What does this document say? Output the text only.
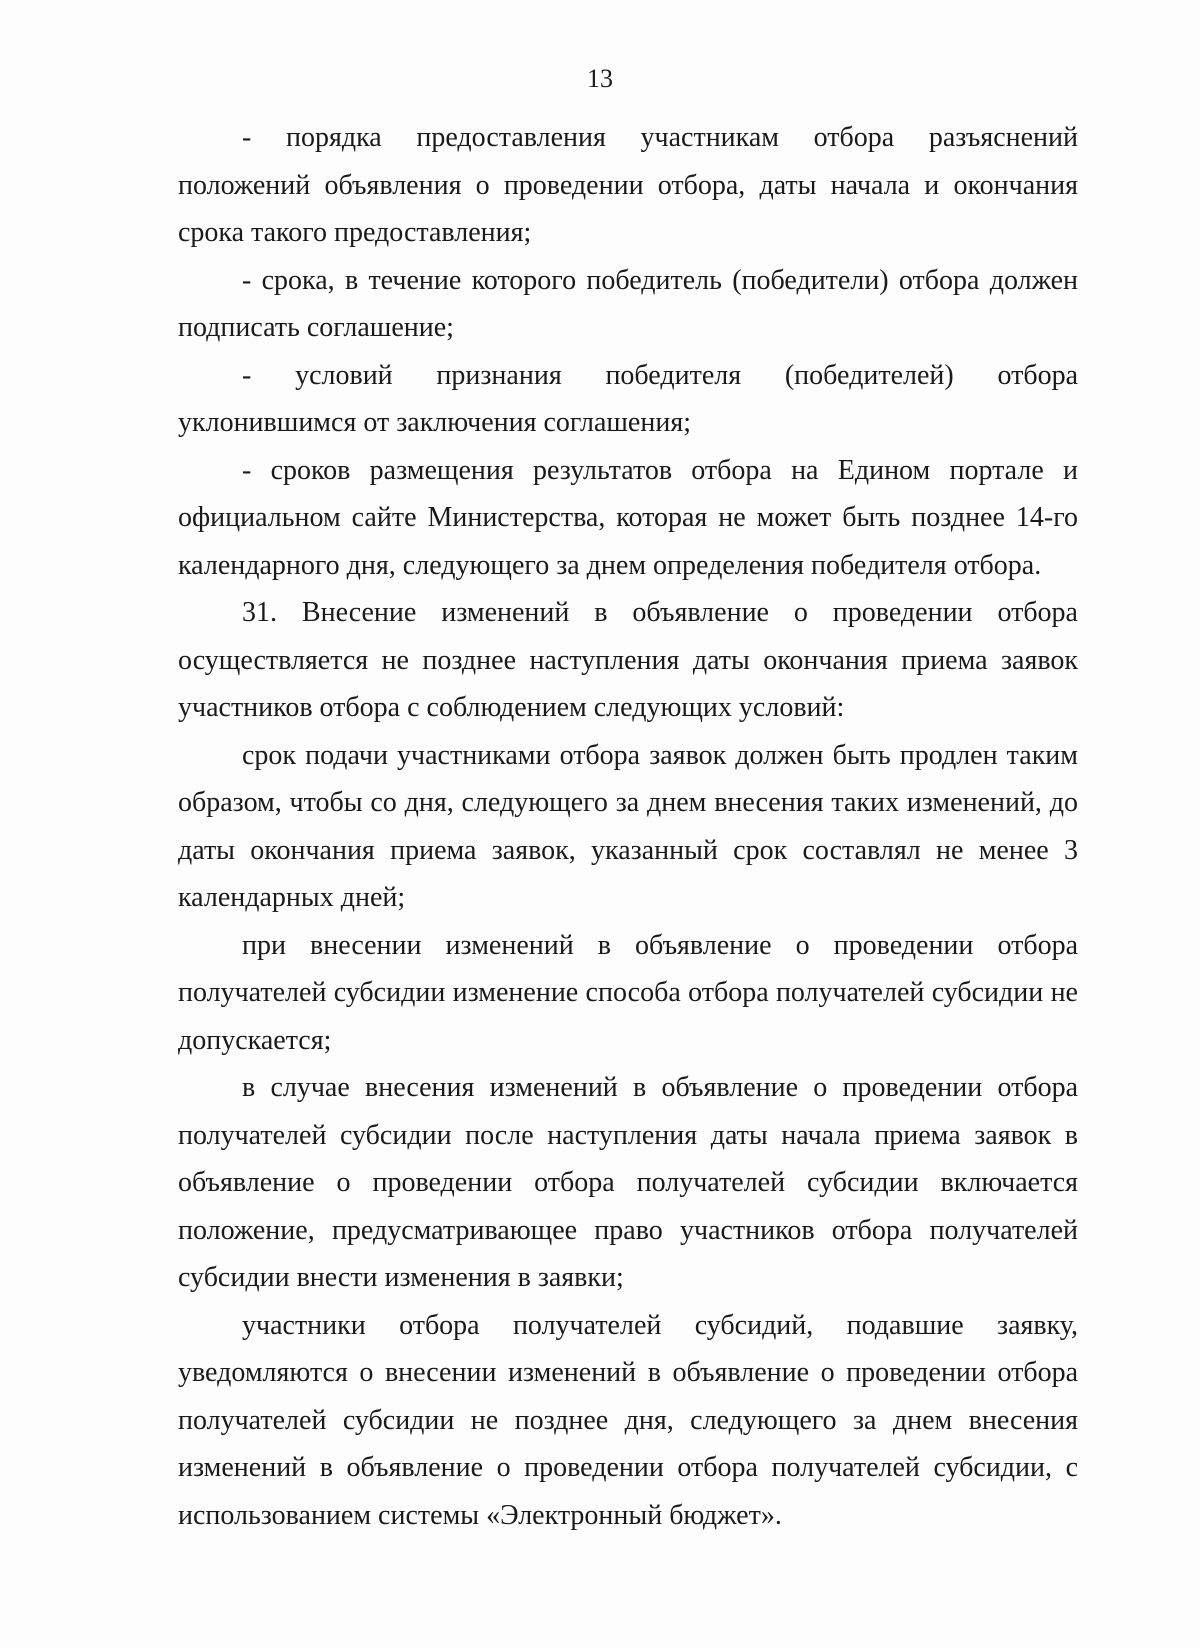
13

- порядка предоставления участникам отбора разъяснений положений объявления о проведении отбора, даты начала и окончания срока такого предоставления;

- срока, в течение которого победитель (победители) отбора должен подписать соглашение;

- условий признания победителя (победителей) отбора уклонившимся от заключения соглашения;

- сроков размещения результатов отбора на Едином портале и официальном сайте Министерства, которая не может быть позднее 14-го календарного дня, следующего за днем определения победителя отбора.

31. Внесение изменений в объявление о проведении отбора осуществляется не позднее наступления даты окончания приема заявок участников отбора с соблюдением следующих условий:

срок подачи участниками отбора заявок должен быть продлен таким образом, чтобы со дня, следующего за днем внесения таких изменений, до даты окончания приема заявок, указанный срок составлял не менее 3 календарных дней;

при внесении изменений в объявление о проведении отбора получателей субсидии изменение способа отбора получателей субсидии не допускается;

в случае внесения изменений в объявление о проведении отбора получателей субсидии после наступления даты начала приема заявок в объявление о проведении отбора получателей субсидии включается положение, предусматривающее право участников отбора получателей субсидии внести изменения в заявки;

участники отбора получателей субсидий, подавшие заявку, уведомляются о внесении изменений в объявление о проведении отбора получателей субсидии не позднее дня, следующего за днем внесения изменений в объявление о проведении отбора получателей субсидии, с использованием системы «Электронный бюджет».
